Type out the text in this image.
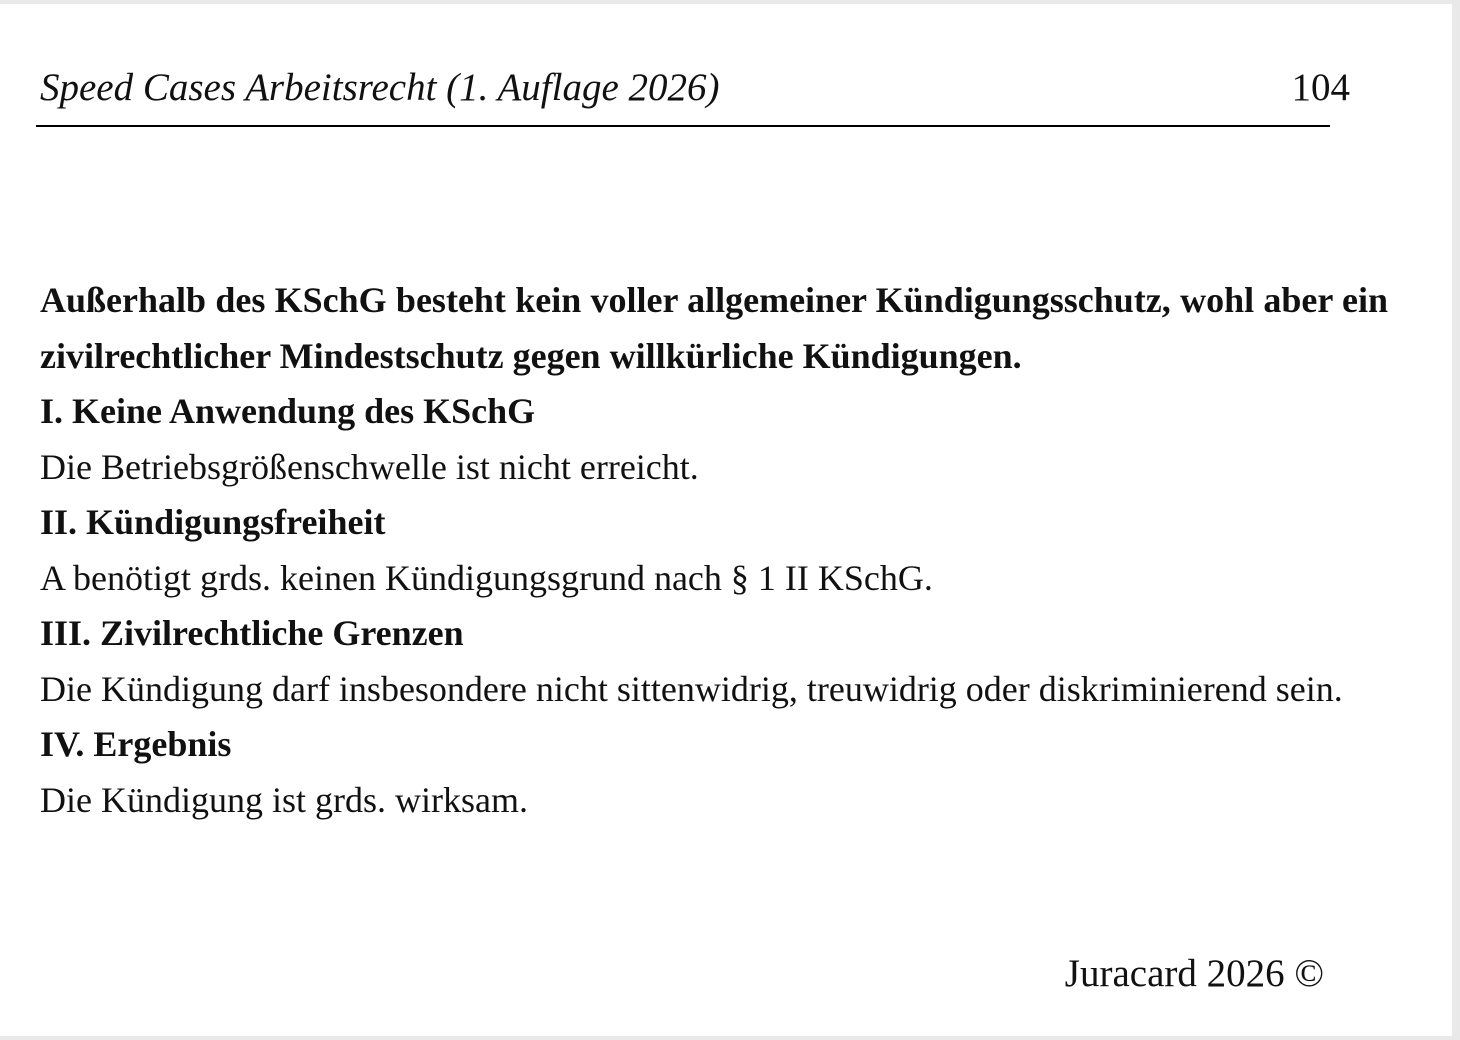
Speed Cases Arbeitsrecht (1. Auflage 2026)	104

Außerhalb des KSchG besteht kein voller allgemeiner Kündigungsschutz, wohl aber ein zivilrechtlicher Mindestschutz gegen willkürliche Kündigungen.

I. Keine Anwendung des KSchG

Die Betriebsgrößenschwelle ist nicht erreicht.

II. Kündigungsfreiheit

A benötigt grds. keinen Kündigungsgrund nach § 1 II KSchG.

III. Zivilrechtliche Grenzen

Die Kündigung darf insbesondere nicht sittenwidrig, treuwidrig oder diskriminierend sein.

IV. Ergebnis

Die Kündigung ist grds. wirksam.

Juracard 2026 ©
